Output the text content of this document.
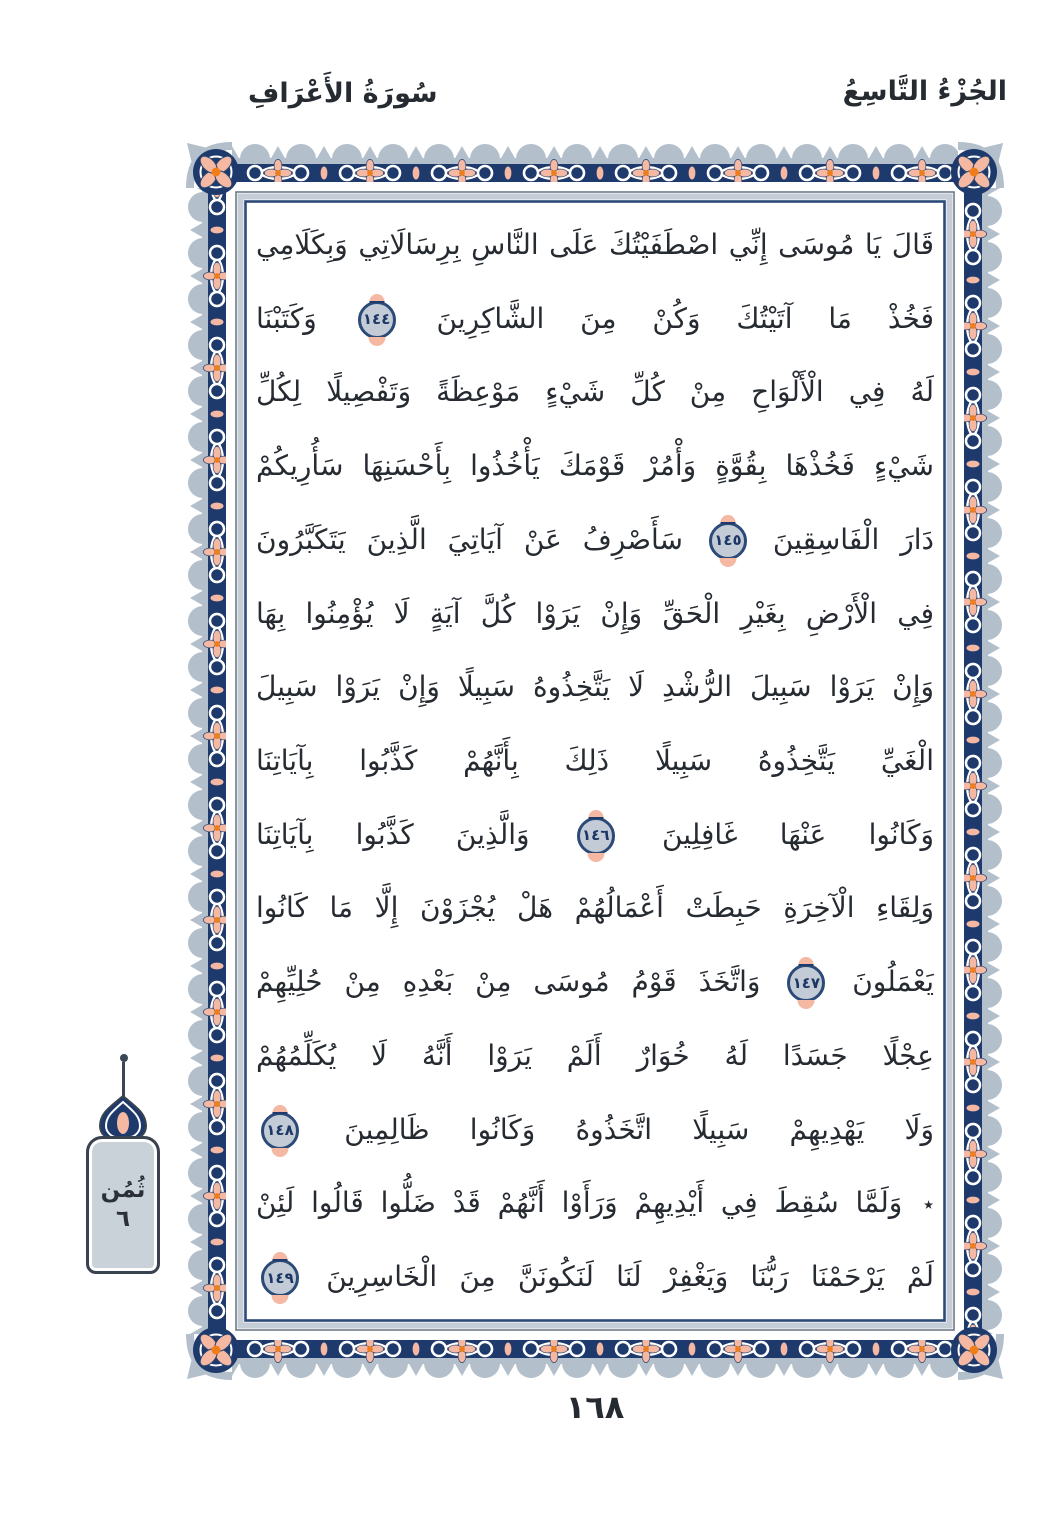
الجُزْءُ التَّاسِعُ
سُورَةُ الأَعْرَافِ
قَالَ يَا مُوسَى إِنِّي اصْطَفَيْتُكَ عَلَى النَّاسِ بِرِسَالَاتِي وَبِكَلَامِي
فَخُذْ مَا آتَيْتُكَ وَكُنْ مِنَ الشَّاكِرِينَ
١٤٤
وَكَتَبْنَا
لَهُ فِي الْأَلْوَاحِ مِنْ كُلِّ شَيْءٍ مَوْعِظَةً وَتَفْصِيلًا لِكُلِّ
شَيْءٍ فَخُذْهَا بِقُوَّةٍ وَأْمُرْ قَوْمَكَ يَأْخُذُوا بِأَحْسَنِهَا سَأُرِيكُمْ
دَارَ الْفَاسِقِينَ
١٤٥
سَأَصْرِفُ عَنْ آيَاتِيَ الَّذِينَ يَتَكَبَّرُونَ
فِي الْأَرْضِ بِغَيْرِ الْحَقِّ وَإِنْ يَرَوْا كُلَّ آيَةٍ لَا يُؤْمِنُوا بِهَا
وَإِنْ يَرَوْا سَبِيلَ الرُّشْدِ لَا يَتَّخِذُوهُ سَبِيلًا وَإِنْ يَرَوْا سَبِيلَ
الْغَيِّ يَتَّخِذُوهُ سَبِيلًا ذَلِكَ بِأَنَّهُمْ كَذَّبُوا بِآيَاتِنَا
وَكَانُوا عَنْهَا غَافِلِينَ
١٤٦
وَالَّذِينَ كَذَّبُوا بِآيَاتِنَا
وَلِقَاءِ الْآخِرَةِ حَبِطَتْ أَعْمَالُهُمْ هَلْ يُجْزَوْنَ إِلَّا مَا كَانُوا
يَعْمَلُونَ
١٤٧
وَاتَّخَذَ قَوْمُ مُوسَى مِنْ بَعْدِهِ مِنْ حُلِيِّهِمْ
عِجْلًا جَسَدًا لَهُ خُوَارٌ أَلَمْ يَرَوْا أَنَّهُ لَا يُكَلِّمُهُمْ
وَلَا يَهْدِيهِمْ سَبِيلًا اتَّخَذُوهُ وَكَانُوا ظَالِمِينَ
١٤٨
٭ وَلَمَّا سُقِطَ فِي أَيْدِيهِمْ وَرَأَوْا أَنَّهُمْ قَدْ ضَلُّوا قَالُوا لَئِنْ
لَمْ يَرْحَمْنَا رَبُّنَا وَيَغْفِرْ لَنَا لَنَكُونَنَّ مِنَ الْخَاسِرِينَ
١٤٩
ثُمُن
٦
١٦٨
